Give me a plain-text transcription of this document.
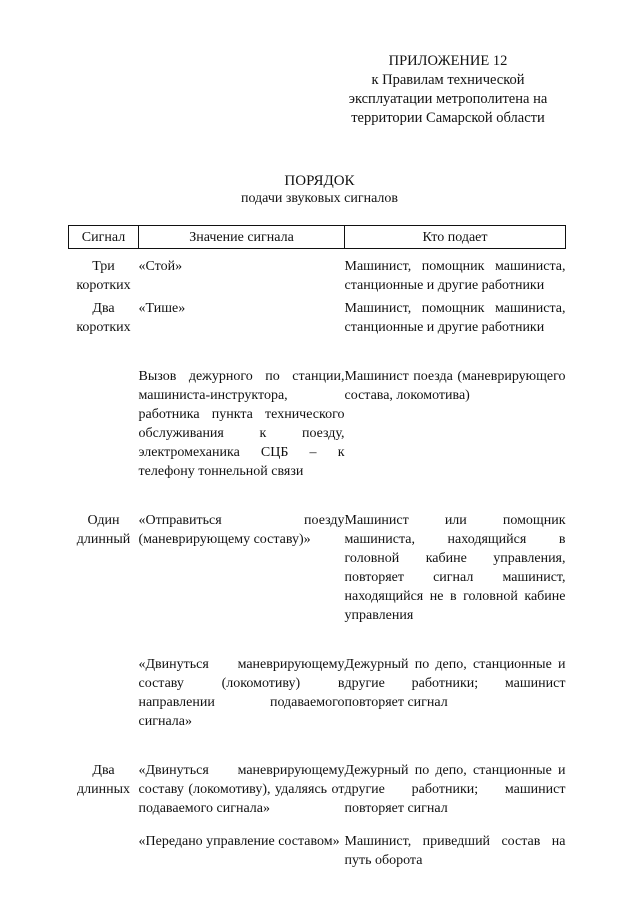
ПРИЛОЖЕНИЕ 12
к Правилам технической
эксплуатации метрополитена на
территории Самарской области
ПОРЯДОК
подачи звуковых сигналов
Сигнал	Значение сигнала	Кто подает

Три
коротких	«Стой»	Машинист, помощник машиниста, станционные и другие работники

Два
коротких	«Тише»	Машинист, помощник машиниста, станционные и другие работники

	Вызов дежурного по станции, машиниста-инструктора, работника пункта технического обслуживания к поезду, электромеханика СЦБ – к телефону тоннельной связи	Машинист поезда (маневрирующего состава, локомотива)

Один
длинный	«Отправиться поезду (маневрирующему составу)»	Машинист или помощник машиниста, находящийся в головной кабине управления, повторяет сигнал машинист, находящийся не в головной кабине управления

	«Двинуться маневрирующему составу (локомотиву) в направлении подаваемого сигнала»	Дежурный по депо, станционные и другие работники; машинист повторяет сигнал

Два
длинных	«Двинуться маневрирующему составу (локомотиву), удаляясь от подаваемого сигнала»	Дежурный по депо, станционные и другие работники; машинист повторяет сигнал

	«Передано управление составом»	Машинист, приведший состав на путь оборота
